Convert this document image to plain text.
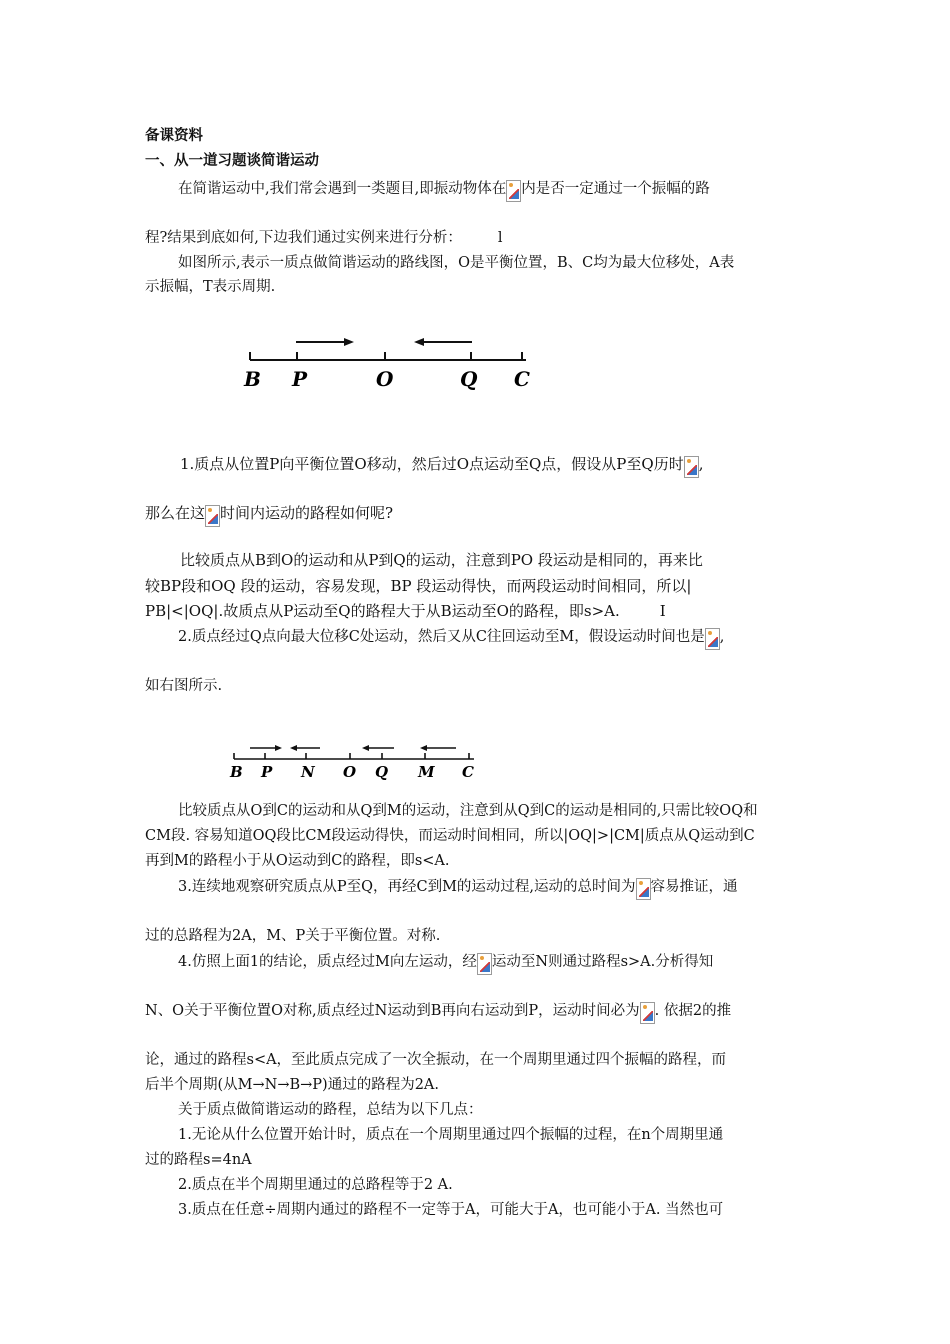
备课资料
一、从一道习题谈简谐运动
在简谐运动中,我们常会遇到一类题目,即振动物体在 内是否一定通过一个振幅的路
程?结果到底如何,下边我们通过实例来进行分析： l
如图所示,表示一质点做简谐运动的路线图，O是平衡位置，B、C均为最大位移处，A表
示振幅，T表示周期.
B P	O	Q C
1.质点从位置P向平衡位置O移动，然后过O点运动至Q点，假设从P至Q历时 ,
那么在这 时间内运动的路程如何呢?
比较质点从B到O的运动和从P到Q的运动，注意到PO 段运动是相同的，再来比
较BP段和OQ 段的运动，容易发现，BP 段运动得快，而两段运动时间相同，所以|
PB|<|OQ|.故质点从P运动至Q的路程大于从B运动至O的路程，即s>A.	I
2.质点经过Q点向最大位移C处运动，然后又从C往回运动至M，假设运动时间也是 ,
如右图所示.
B P N O Q M C
比较质点从O到C的运动和从Q到M的运动，注意到从Q到C的运动是相同的,只需比较OQ和
CM段. 容易知道OQ段比CM段运动得快，而运动时间相同，所以|OQ|>|CM|质点从Q运动到C
再到M的路程小于从O运动到C的路程，即s<A.
3.连续地观察研究质点从P至Q，再经C到M的运动过程,运动的总时间为 容易推证，通
过的总路程为2A，M、P关于平衡位置。对称.
4.仿照上面1的结论，质点经过M向左运动，经 运动至N则通过路程s>A.分析得知
N、O关于平衡位置O对称,质点经过N运动到B再向右运动到P，运动时间必为 . 依据2的推
论，通过的路程s<A，至此质点完成了一次全振动，在一个周期里通过四个振幅的路程，而
后半个周期(从M→N→B→P)通过的路程为2A.
关于质点做简谐运动的路程，总结为以下几点：
1.无论从什么位置开始计时，质点在一个周期里通过四个振幅的过程，在n个周期里通
过的路程s=4nA
2.质点在半个周期里通过的总路程等于2 A.
3.质点在任意÷周期内通过的路程不一定等于A，可能大于A，也可能小于A. 当然也可
